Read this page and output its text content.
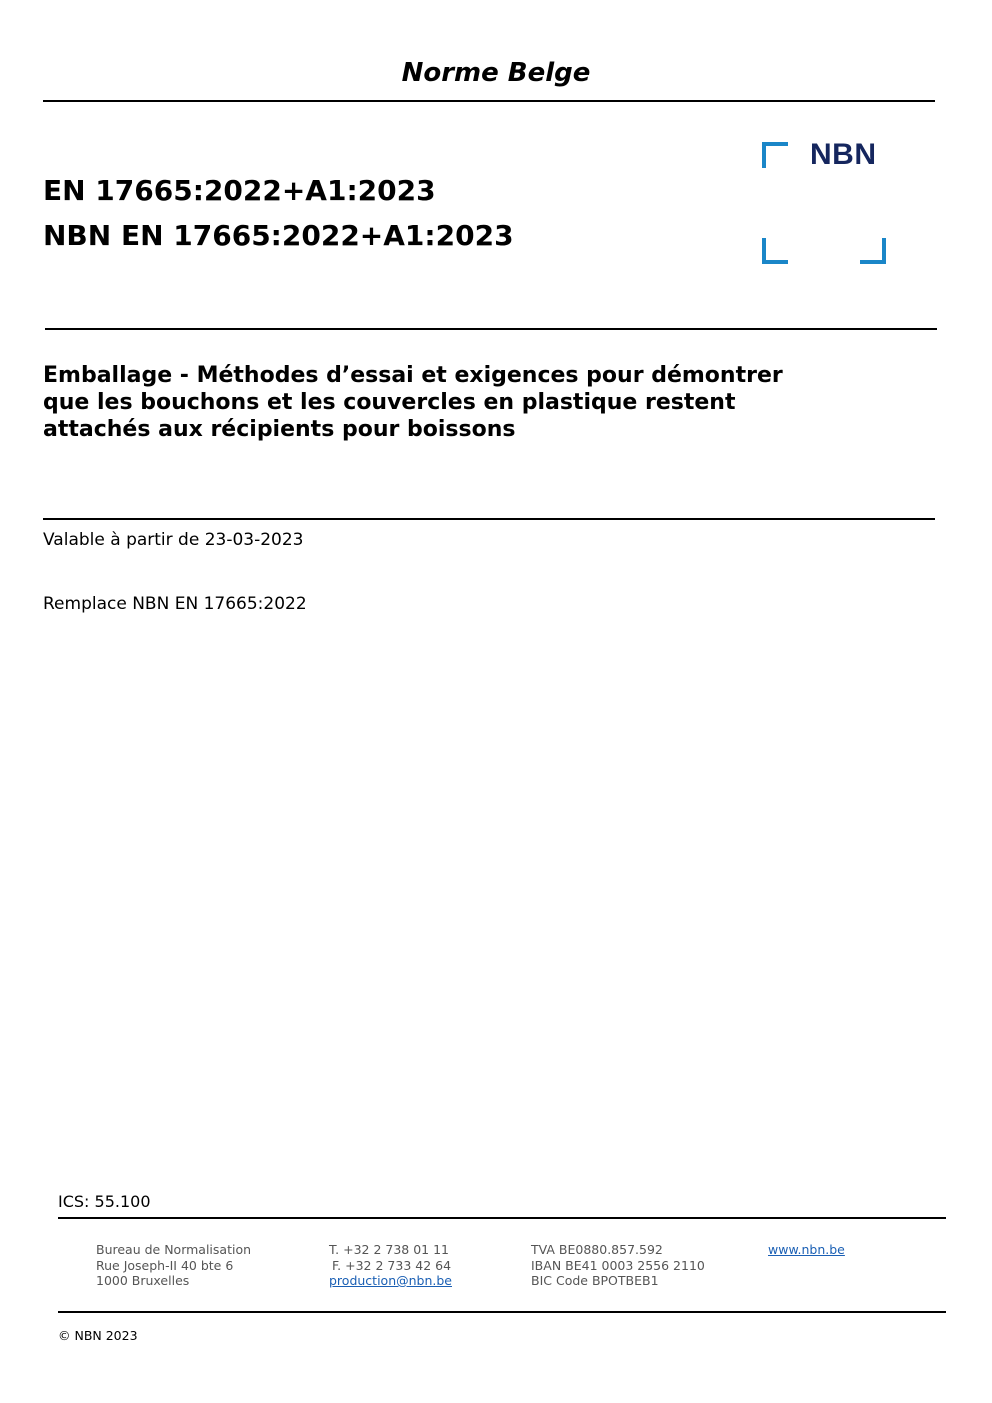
Norme Belge
EN 17665:2022+A1:2023
NBN EN 17665:2022+A1:2023
NBN
Emballage - Méthodes d’essai et exigences pour démontrer
que les bouchons et les couvercles en plastique restent
attachés aux récipients pour boissons
Valable à partir de 23-03-2023
Remplace NBN EN 17665:2022
ICS: 55.100
Bureau de Normalisation
Rue Joseph-II 40 bte 6
1000 Bruxelles
T. +32 2 738 01 11
F. +32 2 733 42 64
production@nbn.be
TVA BE0880.857.592
IBAN BE41 0003 2556 2110
BIC Code BPOTBEB1
www.nbn.be
© NBN 2023
